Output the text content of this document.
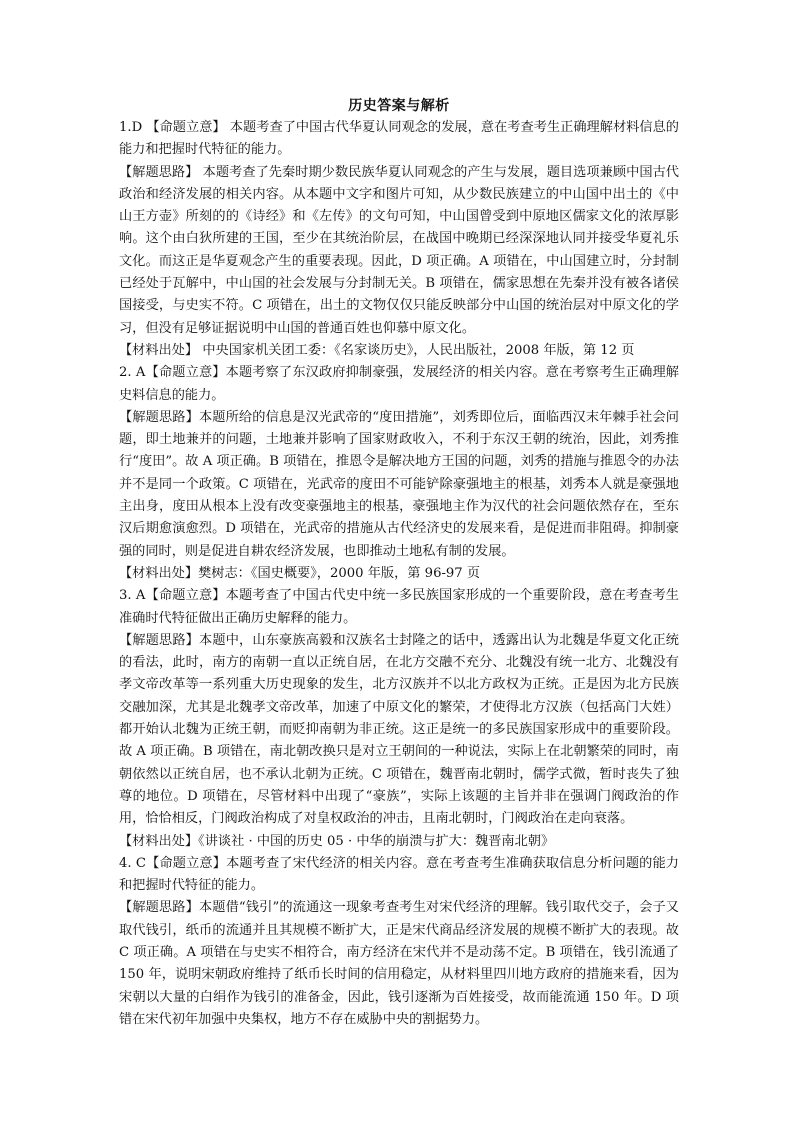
历史答案与解析

1.D 【命题立意】 本题考查了中国古代华夏认同观念的发展，意在考查考生正确理解材料信息的能力和把握时代特征的能力。

【解题思路】 本题考查了先秦时期少数民族华夏认同观念的产生与发展，题目选项兼顾中国古代政治和经济发展的相关内容。从本题中文字和图片可知，从少数民族建立的中山国中出土的《中山王方壶》所刻的的《诗经》和《左传》的文句可知，中山国曾受到中原地区儒家文化的浓厚影响。这个由白狄所建的王国，至少在其统治阶层，在战国中晚期已经深深地认同并接受华夏礼乐文化。而这正是华夏观念产生的重要表现。因此，D 项正确。A 项错在，中山国建立时，分封制已经处于瓦解中，中山国的社会发展与分封制无关。B 项错在，儒家思想在先秦并没有被各诸侯国接受，与史实不符。C 项错在，出土的文物仅仅只能反映部分中山国的统治层对中原文化的学习，但没有足够证据说明中山国的普通百姓也仰慕中原文化。

【材料出处】 中央国家机关团工委：《名家谈历史》，人民出版社，2008 年版，第 12 页

2. A【命题立意】本题考察了东汉政府抑制豪强，发展经济的相关内容。意在考察考生正确理解史料信息的能力。

【解题思路】本题所给的信息是汉光武帝的“度田措施”，刘秀即位后，面临西汉末年棘手社会问题，即土地兼并的问题，土地兼并影响了国家财政收入，不利于东汉王朝的统治，因此，刘秀推行“度田”。故 A 项正确。B 项错在，推恩令是解决地方王国的问题，刘秀的措施与推恩令的办法并不是同一个政策。C 项错在，光武帝的度田不可能铲除豪强地主的根基，刘秀本人就是豪强地主出身，度田从根本上没有改变豪强地主的根基，豪强地主作为汉代的社会问题依然存在，至东汉后期愈演愈烈。D 项错在，光武帝的措施从古代经济史的发展来看，是促进而非阻碍。抑制豪强的同时，则是促进自耕农经济发展，也即推动土地私有制的发展。

【材料出处】樊树志：《国史概要》，2000 年版，第 96-97 页

3. A【命题立意】本题考查了中国古代史中统一多民族国家形成的一个重要阶段，意在考查考生准确时代特征做出正确历史解释的能力。

【解题思路】本题中，山东豪族高毅和汉族名士封隆之的话中，透露出认为北魏是华夏文化正统的看法，此时，南方的南朝一直以正统自居，在北方交融不充分、北魏没有统一北方、北魏没有孝文帝改革等一系列重大历史现象的发生，北方汉族并不以北方政权为正统。正是因为北方民族交融加深，尤其是北魏孝文帝改革，加速了中原文化的繁荣，才使得北方汉族（包括高门大姓）都开始认北魏为正统王朝，而贬抑南朝为非正统。这正是统一的多民族国家形成中的重要阶段。故 A 项正确。B 项错在，南北朝改换只是对立王朝间的一种说法，实际上在北朝繁荣的同时，南朝依然以正统自居，也不承认北朝为正统。C 项错在，魏晋南北朝时，儒学式微，暂时丧失了独尊的地位。D 项错在，尽管材料中出现了“豪族”，实际上该题的主旨并非在强调门阀政治的作用，恰恰相反，门阀政治构成了对皇权政治的冲击，且南北朝时，门阀政治在走向衰落。

【材料出处】《讲谈社 · 中国的历史 05 · 中华的崩溃与扩大：魏晋南北朝》

4. C【命题立意】本题考查了宋代经济的相关内容。意在考查考生准确获取信息分析问题的能力和把握时代特征的能力。

【解题思路】本题借“钱引”的流通这一现象考查考生对宋代经济的理解。钱引取代交子，会子又取代钱引，纸币的流通并且其规模不断扩大，正是宋代商品经济发展的规模不断扩大的表现。故 C 项正确。A 项错在与史实不相符合，南方经济在宋代并不是动荡不定。B 项错在，钱引流通了 150 年，说明宋朝政府维持了纸币长时间的信用稳定，从材料里四川地方政府的措施来看，因为宋朝以大量的白绢作为钱引的准备金，因此，钱引逐渐为百姓接受，故而能流通 150 年。D 项错在宋代初年加强中央集权，地方不存在威胁中央的割据势力。
